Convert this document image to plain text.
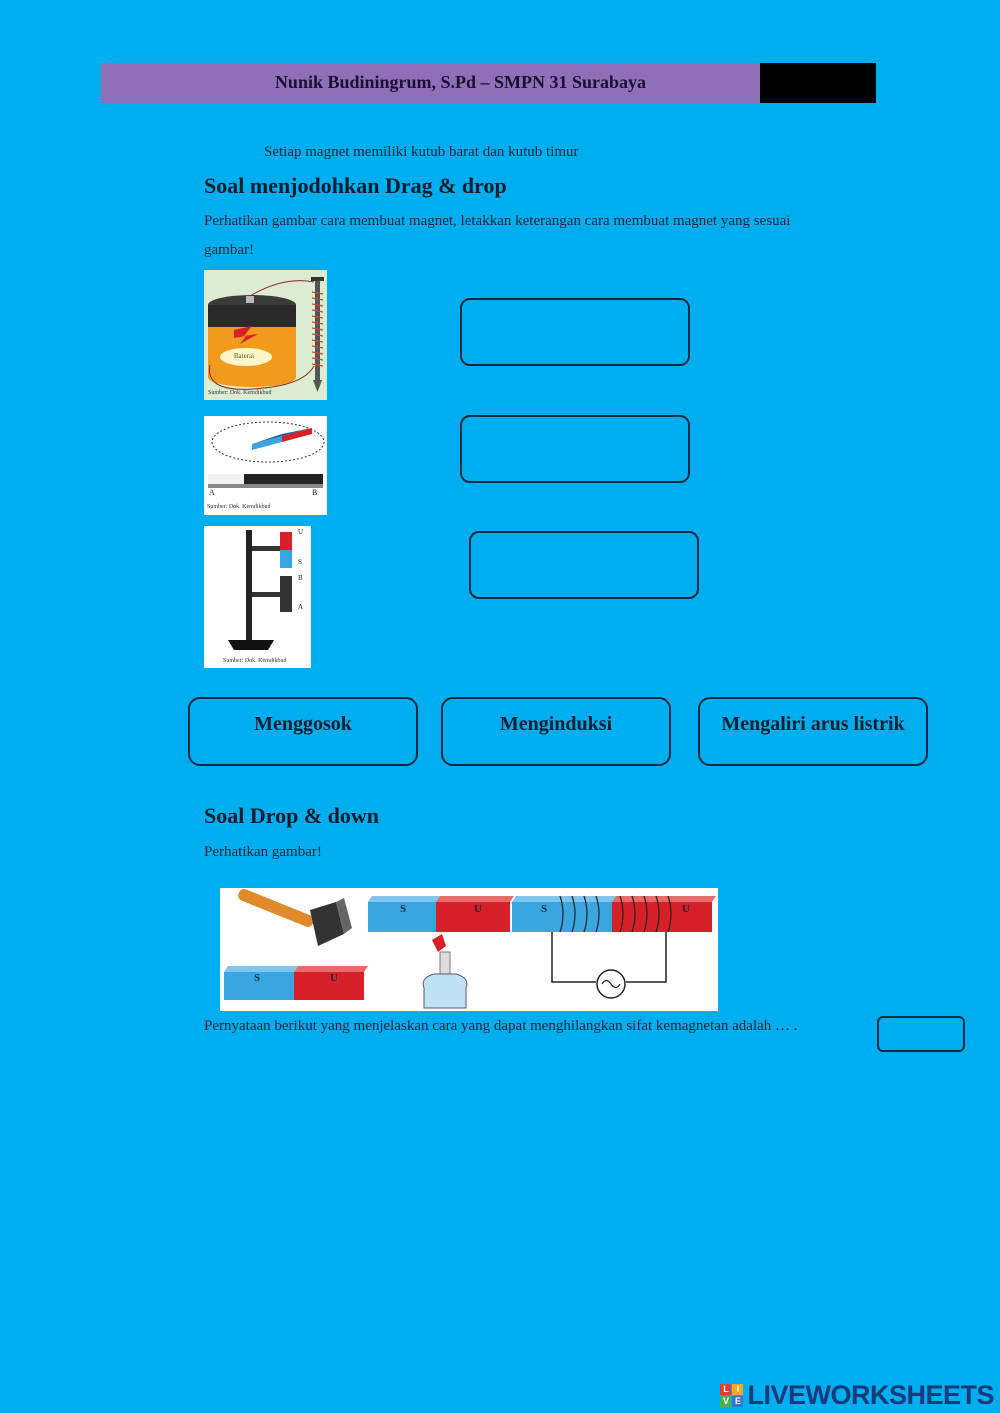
Nunik Budiningrum, S.Pd – SMPN 31 Surabaya
Setiap magnet memiliki kutub barat dan kutub timur
Soal menjodohkan Drag & drop
Perhatikan gambar cara membuat magnet, letakkan keterangan cara membuat magnet yang sesuai
gambar!
Baterai
Sumber: Dok. Kemdikbud
A	B
Sumber: Dok. Kemdikbud
U
S
B
A
Sumber: Dok. Kemdikbud
Menggosok	Menginduksi	Mengaliri arus listrik
Soal Drop & down
Perhatikan gambar!
S	U
S	U	S	U
Pernyataan berikut yang menjelaskan cara yang dapat menghilangkan sifat kemagnetan adalah … .
L I
V E LIVEWORKSHEETS
